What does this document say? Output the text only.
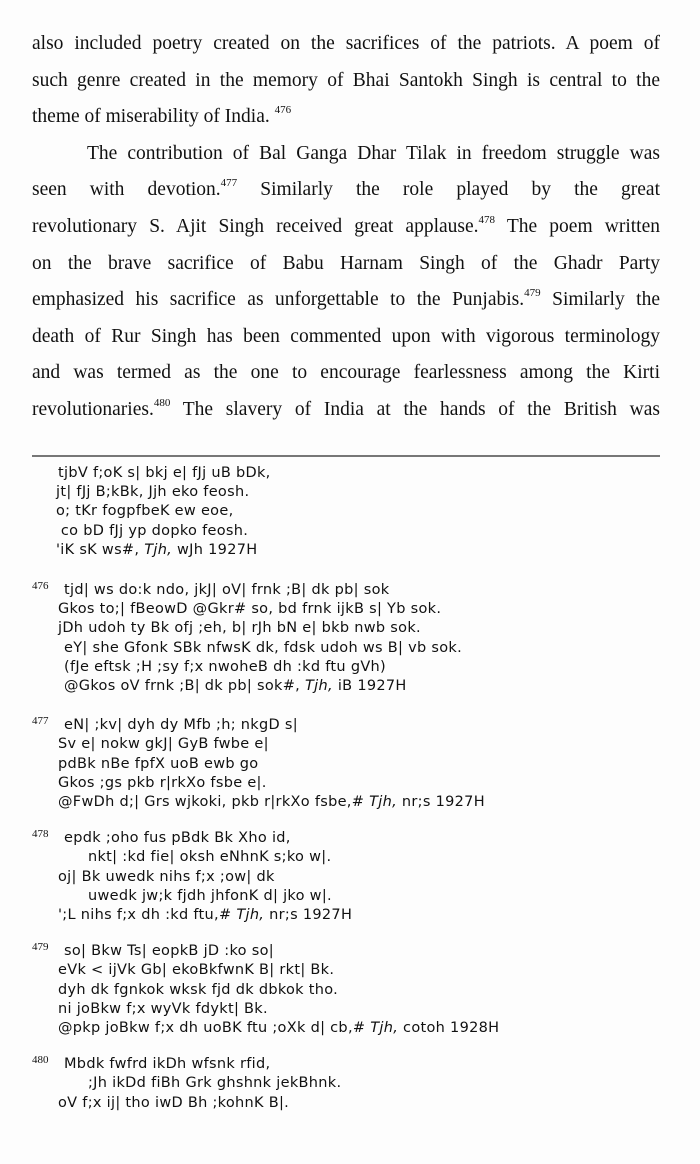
also included poetry created on the sacrifices of the patriots. A poem of
such genre created in the memory of Bhai Santokh Singh is central to the
theme of miserability of India. $^{476}$

The contribution of Bal Ganga Dhar Tilak in freedom struggle was
seen with devotion.$^{477}$ Similarly the role played by the great
revolutionary S. Ajit Singh received great applause.$^{478}$ The poem written
on the brave sacrifice of Babu Harnam Singh of the Ghadr Party
emphasized his sacrifice as unforgettable to the Punjabis.$^{479}$ Similarly the
death of Rur Singh has been commented upon with vigorous terminology
and was termed as the one to encourage fearlessness among the Kirti
revolutionaries.$^{480}$ The slavery of India at the hands of the British was

tjbV f;oK s| bkj e| fJj uB bDk,
jt| fJj B;kBk, Jjh eko feosh.
o; tKr fogpfbeK ew eoe,
co bD fJj yp dopko feosh.
'iK sK ws#, Tjh, wJh 1927H
476	tjd| ws do:k ndo, jkJ| oV| frnk ;B| dk pb| sok
Gkos to;| fBeowD @Gkr# so, bd frnk ijkB s| Yb sok.
jDh udoh ty Bk ofj ;eh, b| rJh bN e| bkb nwb sok.
eY| she Gfonk SBk nfwsK dk, fdsk udoh ws B| vb sok.
(fJe eftsk ;H ;sy f;x nwoheB dh :kd ftu gVh)
@Gkos oV frnk ;B| dk pb| sok#, Tjh, iB 1927H
477	eN| ;kv| dyh dy Mfb ;h; nkgD s|
Sv e| nokw gkJ| GyB fwbe e|
pdBk nBe fpfX uoB ewb go
Gkos ;gs pkb r|rkXo fsbe e|.
@FwDh d;| Grs wjkoki, pkb r|rkXo fsbe,# Tjh, nr;s 1927H
478	epdk ;oho fus pBdk Bk Xho id,
nkt| :kd fie| oksh eNhnK s;ko w|.
oj| Bk uwedk nihs f;x ;ow| dk
uwedk jw;k fjdh jhfonK d| jko w|.
';L nihs f;x dh :kd ftu,# Tjh, nr;s 1927H
479	so| Bkw Ts| eopkB jD :ko so|
eVk < ijVk Gb| ekoBkfwnK B| rkt| Bk.
dyh dk fgnkok wksk fjd dk dbkok tho.
ni joBkw f;x wyVk fdykt| Bk.
@pkp joBkw f;x dh uoBK ftu ;oXk d| cb,# Tjh, cotoh 1928H
480	Mbdk fwfrd ikDh wfsnk rfid,
;Jh ikDd fiBh Grk ghshnk jekBhnk.
oV f;x ij| tho iwD Bh ;kohnK B|.
